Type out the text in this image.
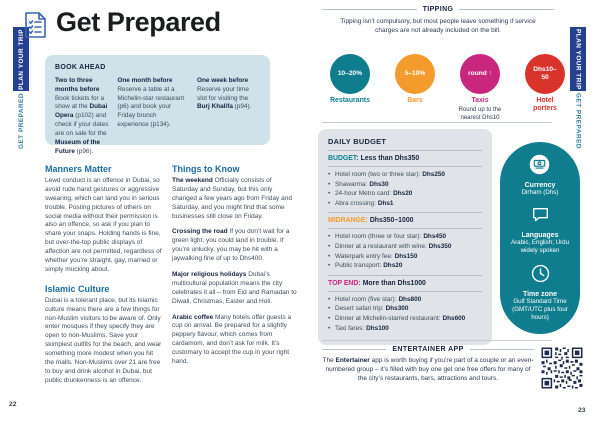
PLAN YOUR TRIP
GET PREPARED
PLAN YOUR TRIP
GET PREPARED
Get Prepared
BOOK AHEAD
Two to three months before Book tickets for a show at the Dubai Opera (p102) and check if your dates are on sale for the Museum of the Future (p96).
One month before Reserve a table at a Michelin-star restaurant (p6) and book your Friday brunch experience (p134).
One week before Reserve your time slot for visiting the Burj Khalifa (p94).
Manners Matter

Lewd conduct is an offence in Dubai, so avoid rude hand gestures or aggressive swearing, which can land you in serious trouble. Posting pictures of others on social media without their permission is also an offence, so ask if you plan to share your snaps. Holding hands is fine, but over-the-top public displays of affection are not permitted, regardless of whether you’re straight, gay, married or simply mucking about.

Islamic Culture

Dubai is a tolerant place, but its Islamic culture means there are a few things for non-Muslim visitors to be aware of. Only enter mosques if they specify they are open to non-Muslims. Save your skimpiest outfits for the beach, and wear something more modest when you hit the malls. Non-Muslims over 21 are free to buy and drink alcohol in Dubai, but public drunkenness is an offence.

Things to Know

The weekend Officially consists of Saturday and Sunday, but this only changed a few years ago from Friday and Saturday, and you might find that some businesses still close on Friday.

Crossing the road If you don’t wait for a green light, you could land in trouble. If you’re unlucky, you may be hit with a jaywalking fine of up to Dhs400.

Major religious holidays Dubai’s multicultural population means the city celebrates it all – from Eid and Ramadan to Diwali, Christmas, Easter and Holi.

Arabic coffee Many hotels offer guests a cup on arrival. Be prepared for a slightly peppery flavour, which comes from cardamom, and don’t ask for milk. It’s customary to accept the cup in your right hand.

22
TIPPING
Tipping isn’t compulsory, but most people leave something if service charges are not already included on the bill.
10–20%
Restaurants
5–10%
Bars
round ↑
Taxis
Round up to the nearest Dhs10
Dhs10–50
Hotel porters
DAILY BUDGET
BUDGET: Less than Dhs350
• Hotel room (two or three star): Dhs250
• Shawarma: Dhs30
• 24-hour Metro card: Dhs20
• Abra crossing: Dhs1
MIDRANGE: Dhs350–1000
• Hotel room (three or four star): Dhs450
• Dinner at a restaurant with wine: Dhs350
• Waterpark entry fee: Dhs150
• Public transport: Dhs20
TOP END: More than Dhs1000
• Hotel room (five star): Dhs800
• Desert safari trip: Dhs300
• Dinner at Michelin-starred restaurant: Dhs600
• Taxi fares: Dhs100
Currency
Dirham (Dhs)
Languages
Arabic, English; Urdu widely spoken
Time zone
Gulf Standard Time (GMT/UTC plus four hours)
ENTERTAINER APP
The Entertainer app is worth buying if you’re part of a couple or an even-numbered group – it’s filled with buy one get one free offers for many of the city’s restaurants, bars, attractions and tours.
23
